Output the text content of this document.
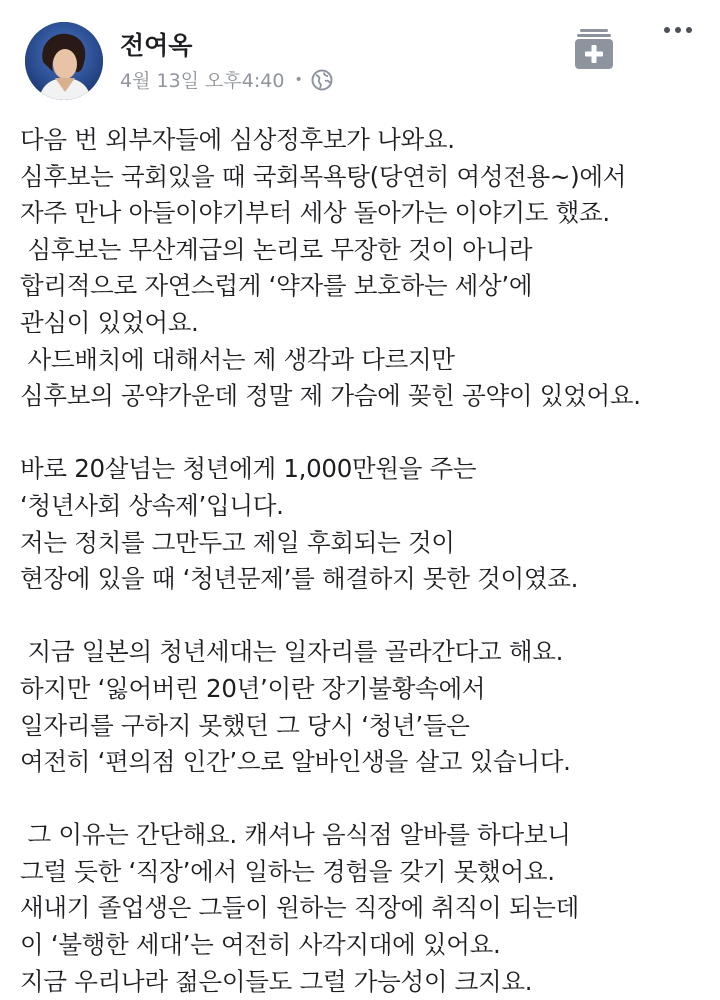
전여옥
4월 13일 오후4:40 •
다음 번 외부자들에 심상정후보가 나와요.
심후보는 국회있을 때 국회목욕탕(당연히 여성전용~)에서
자주 만나 아들이야기부터 세상 돌아가는 이야기도 했죠.
심후보는 무산계급의 논리로 무장한 것이 아니라
합리적으로 자연스럽게 ‘약자를 보호하는 세상’에
관심이 있었어요.
사드배치에 대해서는 제 생각과 다르지만
심후보의 공약가운데 정말 제 가슴에 꽂힌 공약이 있었어요.
바로 20살넘는 청년에게 1,000만원을 주는
‘청년사회 상속제’입니다.
저는 정치를 그만두고 제일 후회되는 것이
현장에 있을 때 ‘청년문제’를 해결하지 못한 것이였죠.
지금 일본의 청년세대는 일자리를 골라간다고 해요.
하지만 ‘잃어버린 20년’이란 장기불황속에서
일자리를 구하지 못했던 그 당시 ‘청년’들은
여전히 ‘편의점 인간’으로 알바인생을 살고 있습니다.
그 이유는 간단해요. 캐셔나 음식점 알바를 하다보니
그럴 듯한 ‘직장’에서 일하는 경험을 갖기 못했어요.
새내기 졸업생은 그들이 원하는 직장에 취직이 되는데
이 ‘불행한 세대’는 여전히 사각지대에 있어요.
지금 우리나라 젊은이들도 그럴 가능성이 크지요.
